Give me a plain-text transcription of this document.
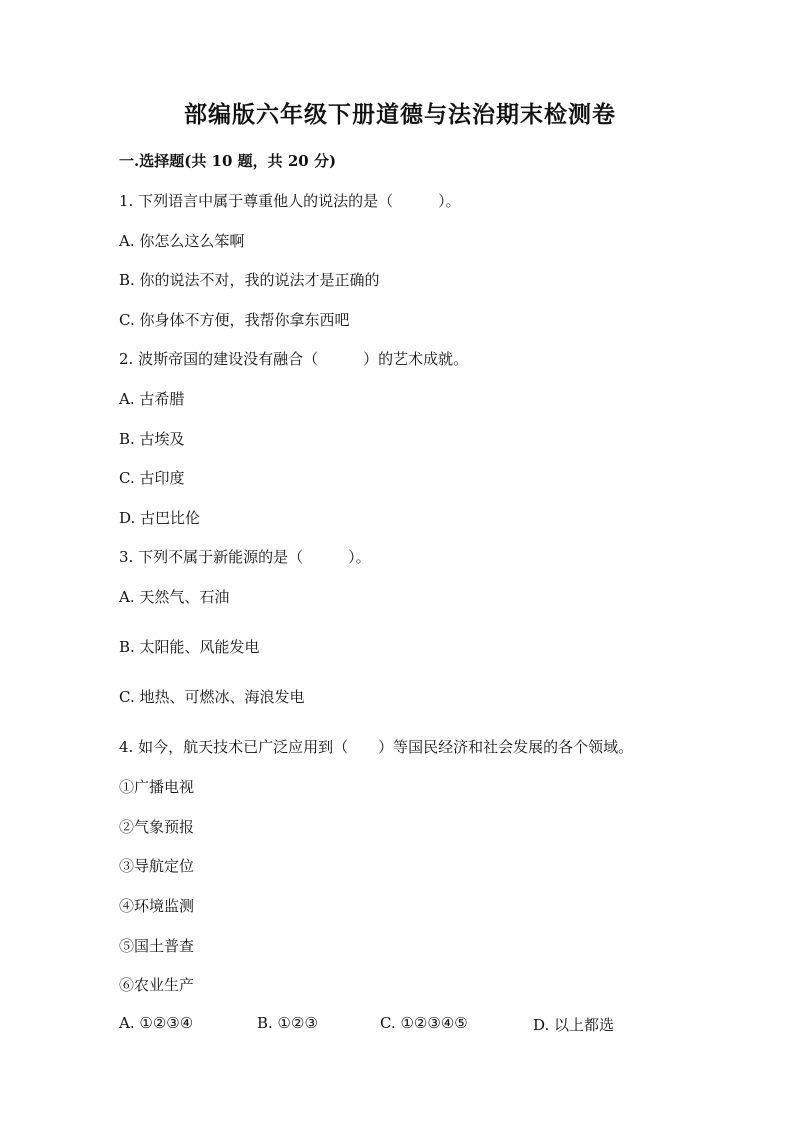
部编版六年级下册道德与法治期末检测卷
一.选择题(共 10 题，共 20 分)
1. 下列语言中属于尊重他人的说法的是（　　　）。
A. 你怎么这么笨啊
B. 你的说法不对，我的说法才是正确的
C. 你身体不方便，我帮你拿东西吧
2. 波斯帝国的建设没有融合（　　　）的艺术成就。
A. 古希腊
B. 古埃及
C. 古印度
D. 古巴比伦
3. 下列不属于新能源的是（　　　）。
A. 天然气、石油
B. 太阳能、风能发电
C. 地热、可燃冰、海浪发电
4. 如今，航天技术已广泛应用到（　　）等国民经济和社会发展的各个领域。
①广播电视
②气象预报
③导航定位
④环境监测
⑤国土普查
⑥农业生产
A. ①②③④	B. ①②③	C. ①②③④⑤	D. 以上都选
